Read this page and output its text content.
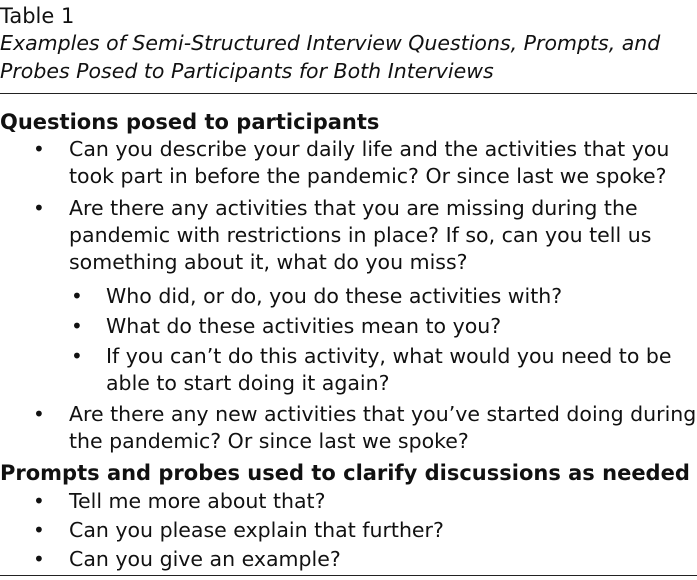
Table 1
Examples of Semi-Structured Interview Questions, Prompts, and Probes Posed to Participants for Both Interviews
Questions posed to participants
• Can you describe your daily life and the activities that you
took part in before the pandemic? Or since last we spoke?
• Are there any activities that you are missing during the
pandemic with restrictions in place? If so, can you tell us
something about it, what do you miss?
• Who did, or do, you do these activities with?
• What do these activities mean to you?
• If you can’t do this activity, what would you need to be
able to start doing it again?
• Are there any new activities that you’ve started doing during
the pandemic? Or since last we spoke?
Prompts and probes used to clarify discussions as needed
• Tell me more about that?
• Can you please explain that further?
• Can you give an example?
